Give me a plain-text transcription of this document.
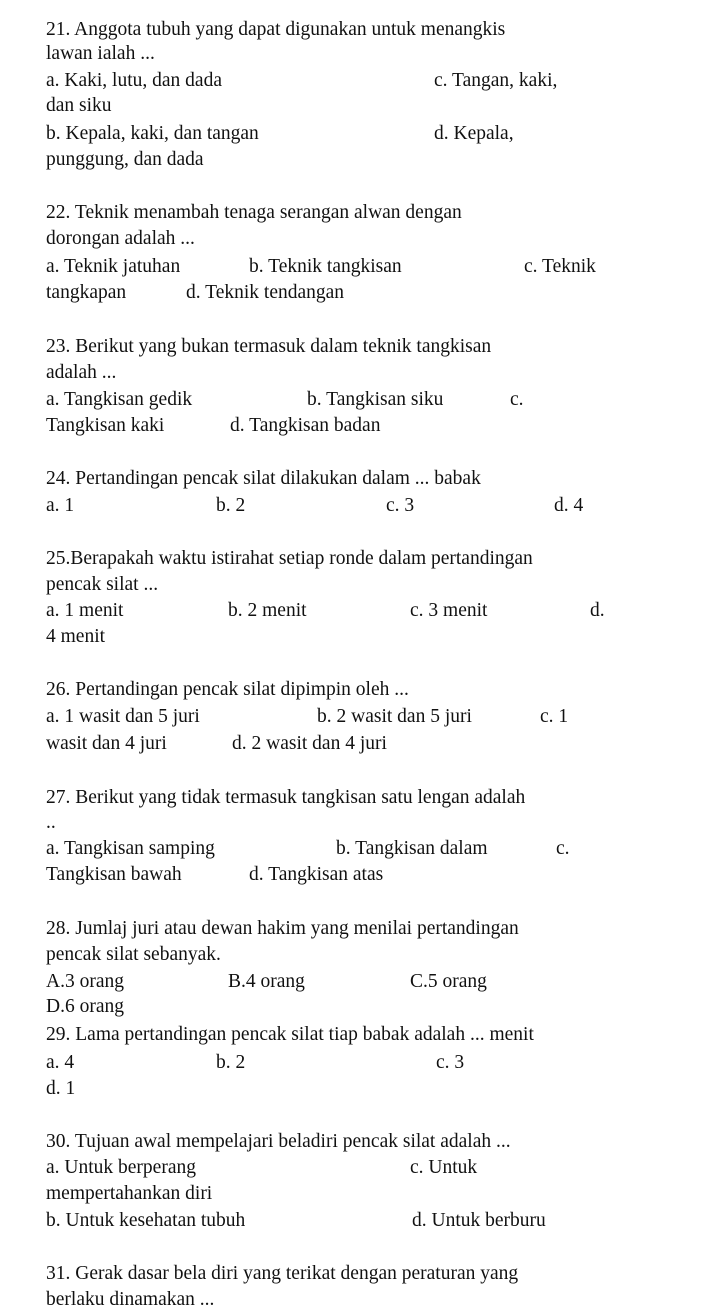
21. Anggota tubuh yang dapat digunakan untuk menangkis
lawan ialah ...
a. Kaki, lutu, dan dada	c. Tangan, kaki,
dan siku
b. Kepala, kaki, dan tangan	d. Kepala,
punggung, dan dada
22. Teknik menambah tenaga serangan alwan dengan
dorongan adalah ...
a. Teknik jatuhan	b. Teknik tangkisan	c. Teknik
tangkapan	d. Teknik tendangan
23. Berikut yang bukan termasuk dalam teknik tangkisan
adalah ...
a. Tangkisan gedik	b. Tangkisan siku	c.
Tangkisan kaki	d. Tangkisan badan
24. Pertandingan pencak silat dilakukan dalam ... babak
a. 1	b. 2	c. 3	d. 4
25.Berapakah waktu istirahat setiap ronde dalam pertandingan
pencak silat ...
a. 1 menit	b. 2 menit	c. 3 menit	d.
4 menit
26. Pertandingan pencak silat dipimpin oleh ...
a. 1 wasit dan 5 juri	b. 2 wasit dan 5 juri	c. 1
wasit dan 4 juri	d. 2 wasit dan 4 juri
27. Berikut yang tidak termasuk tangkisan satu lengan adalah
..
a. Tangkisan samping	b. Tangkisan dalam	c.
Tangkisan bawah	d. Tangkisan atas
28. Jumlaj juri atau dewan hakim yang menilai pertandingan
pencak silat sebanyak.
A.3 orang	B.4 orang	C.5 orang
D.6 orang
29. Lama pertandingan pencak silat tiap babak adalah ... menit
a. 4	b. 2	c. 3
d. 1
30. Tujuan awal mempelajari beladiri pencak silat adalah ...
a. Untuk berperang	c. Untuk
mempertahankan diri
b. Untuk kesehatan tubuh	d. Untuk berburu
31. Gerak dasar bela diri yang terikat dengan peraturan yang
berlaku dinamakan ...
